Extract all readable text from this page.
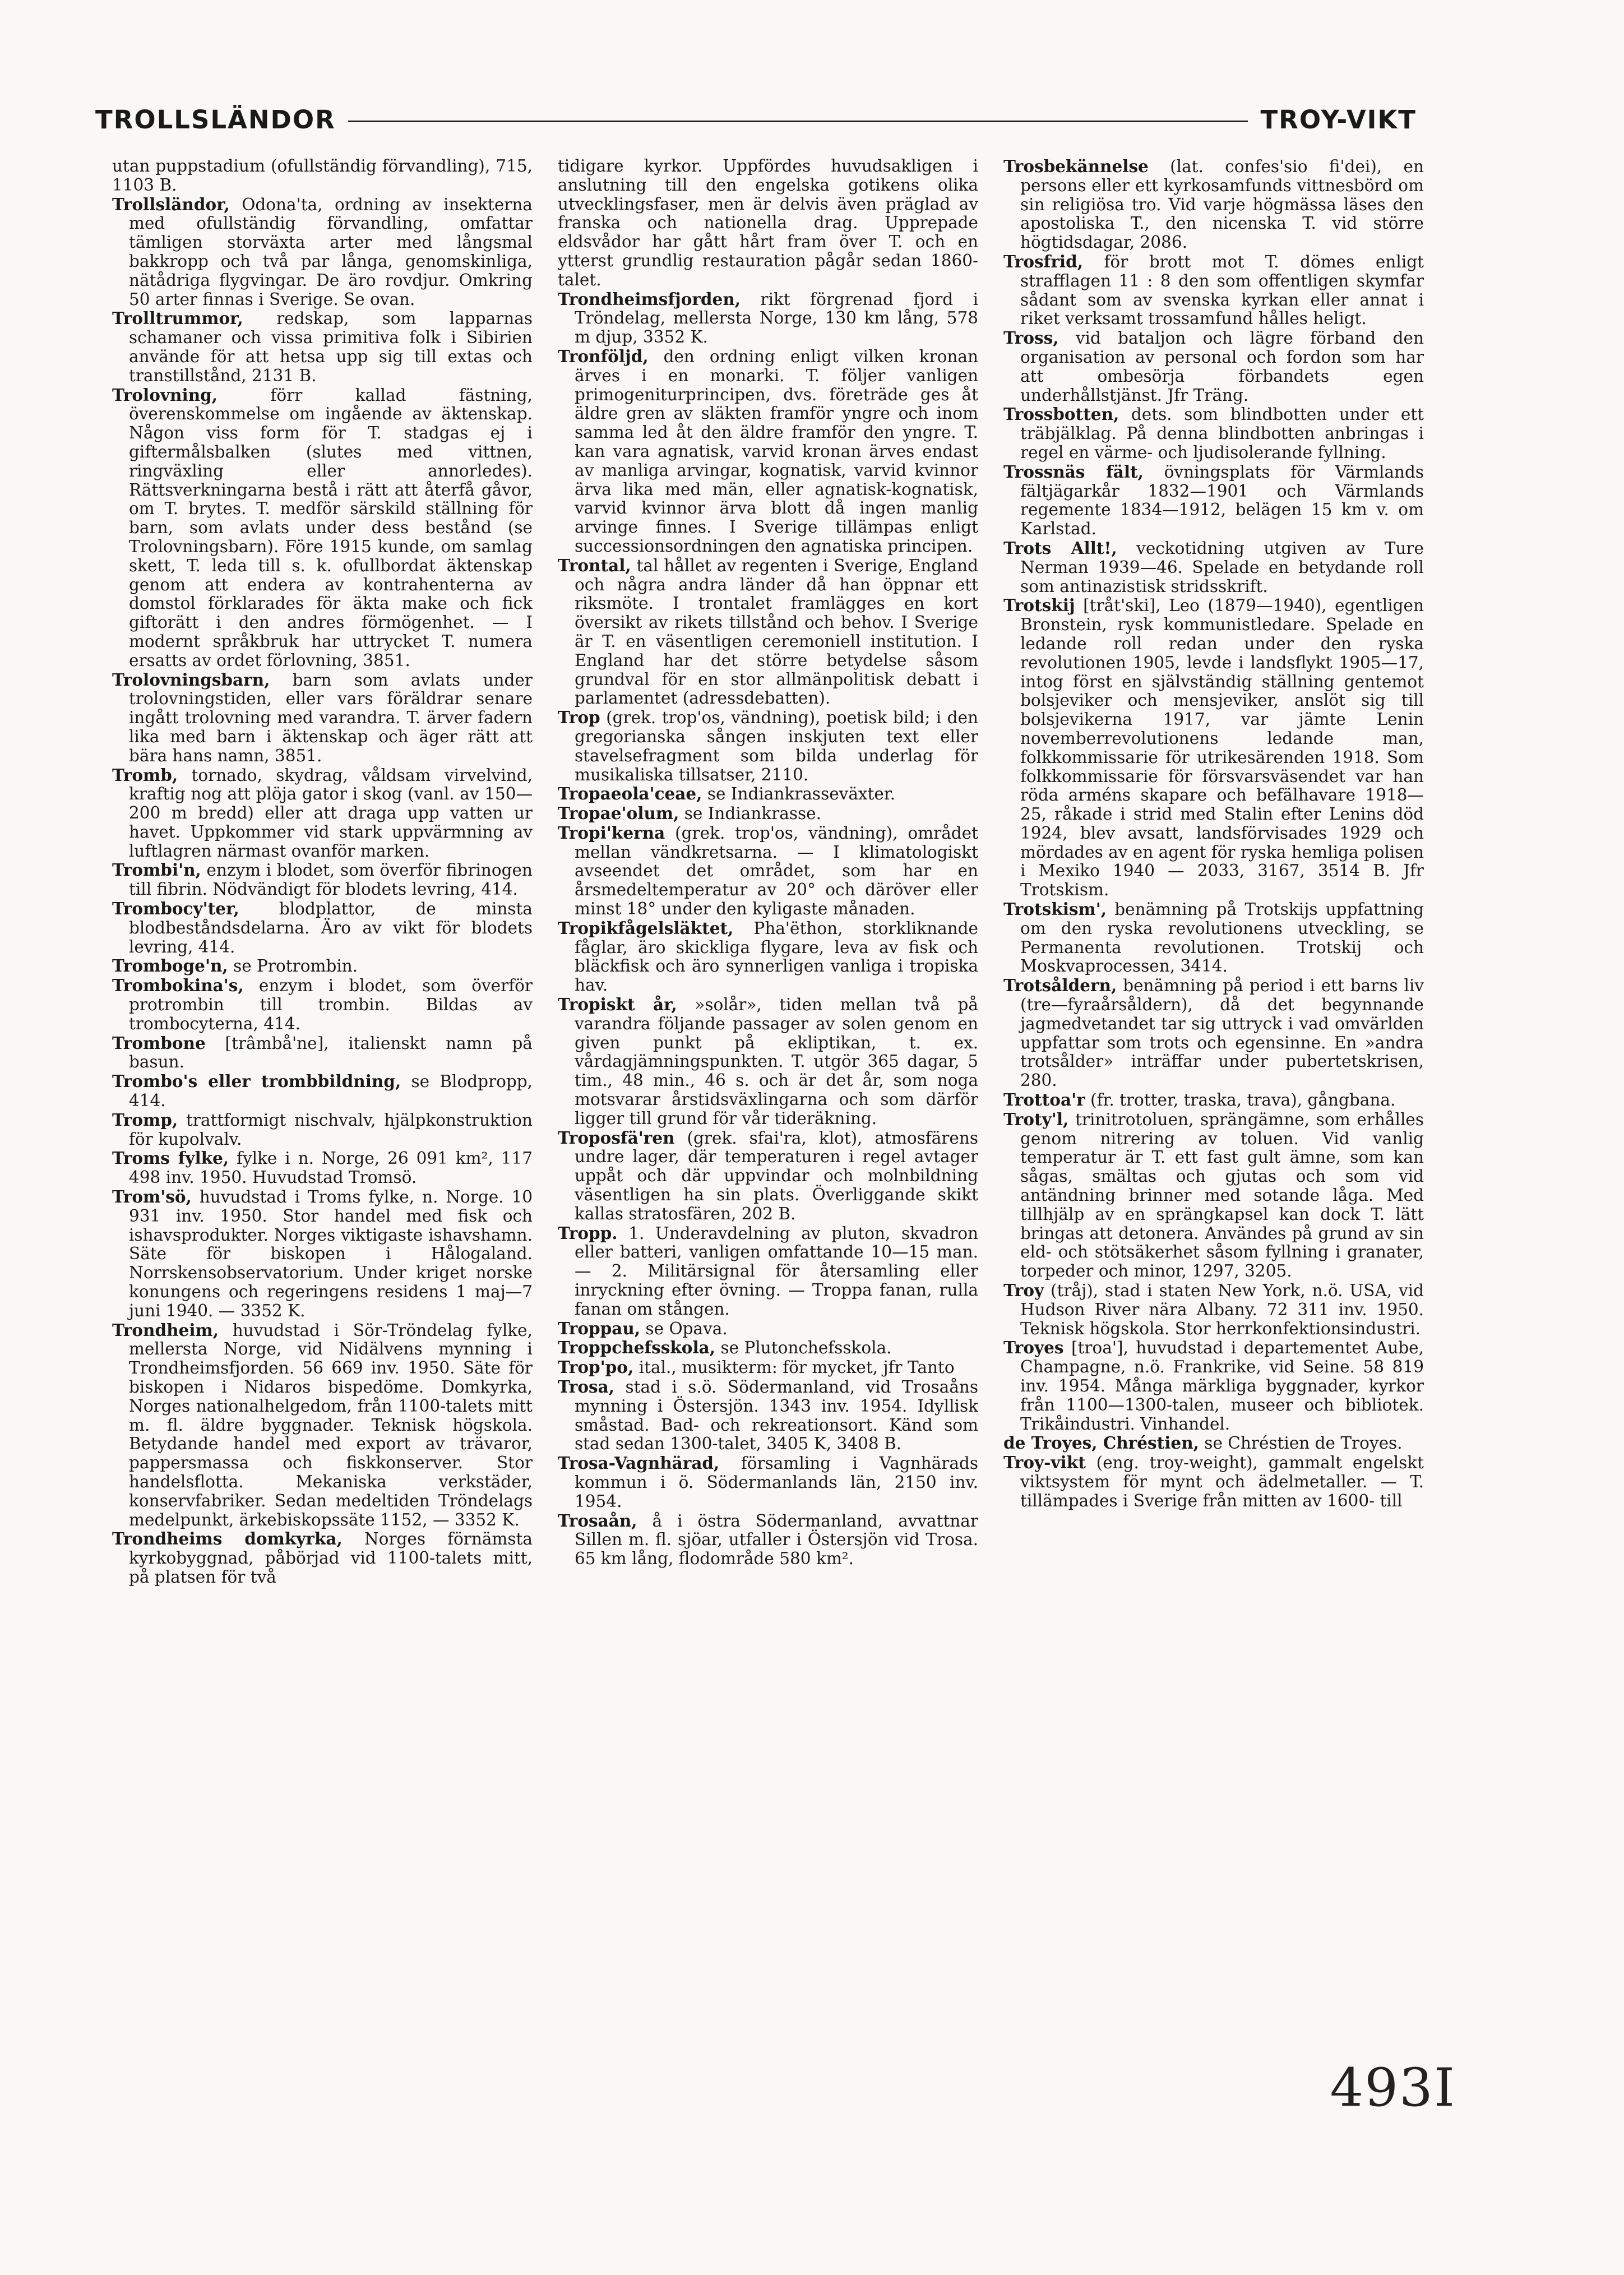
TROLLSLÄNDOR	TROY-VIKT

utan puppstadium (ofullständig förvandling), 715, 1103 B.

Trollsländor, Odona'ta, ordning av insekterna med ofullständig förvandling, omfattar tämligen storväxta arter med långsmal bakkropp och två par långa, genomskinliga, nätådriga flygvingar. De äro rovdjur. Omkring 50 arter finnas i Sverige. Se ovan.

Trolltrummor, redskap, som lapparnas schamaner och vissa primitiva folk i Sibirien använde för att hetsa upp sig till extas och transtillstånd, 2131 B.

Trolovning, förr kallad fästning, överenskommelse om ingående av äktenskap. Någon viss form för T. stadgas ej i giftermålsbalken (slutes med vittnen, ringväxling eller annorledes). Rättsverkningarna bestå i rätt att återfå gåvor, om T. brytes. T. medför särskild ställning för barn, som avlats under dess bestånd (se Trolovningsbarn). Före 1915 kunde, om samlag skett, T. leda till s. k. ofullbordat äktenskap genom att endera av kontrahenterna av domstol förklarades för äkta make och fick giftorätt i den andres förmögenhet. — I modernt språkbruk har uttrycket T. numera ersatts av ordet förlovning, 3851.

Trolovningsbarn, barn som avlats under trolovningstiden, eller vars föräldrar senare ingått trolovning med varandra. T. ärver fadern lika med barn i äktenskap och äger rätt att bära hans namn, 3851.

Tromb, tornado, skydrag, våldsam virvelvind, kraftig nog att plöja gator i skog (vanl. av 150—200 m bredd) eller att draga upp vatten ur havet. Uppkommer vid stark uppvärmning av luftlagren närmast ovanför marken.

Trombi'n, enzym i blodet, som överför fibrinogen till fibrin. Nödvändigt för blodets levring, 414.

Trombocy'ter, blodplattor, de minsta blodbeståndsdelarna. Äro av vikt för blodets levring, 414.

Tromboge'n, se Protrombin.

Trombokina's, enzym i blodet, som överför protrombin till trombin. Bildas av trombocyterna, 414.

Trombone [trâmbå'ne], italienskt namn på basun.

Trombo's eller trombbildning, se Blodpropp, 414.

Tromp, trattformigt nischvalv, hjälpkonstruktion för kupolvalv.

Troms fylke, fylke i n. Norge, 26 091 km², 117 498 inv. 1950. Huvudstad Tromsö.

Trom'sö, huvudstad i Troms fylke, n. Norge. 10 931 inv. 1950. Stor handel med fisk och ishavsprodukter. Norges viktigaste ishavshamn. Säte för biskopen i Hålogaland. Norrskensobservatorium. Under kriget norske konungens och regeringens residens 1 maj—7 juni 1940. — 3352 K.

Trondheim, huvudstad i Sör-Tröndelag fylke, mellersta Norge, vid Nidälvens mynning i Trondheimsfjorden. 56 669 inv. 1950. Säte för biskopen i Nidaros bispedöme. Domkyrka, Norges nationalhelgedom, från 1100-talets mitt m. fl. äldre byggnader. Teknisk högskola. Betydande handel med export av trävaror, pappersmassa och fiskkonserver. Stor handelsflotta. Mekaniska verkstäder, konservfabriker. Sedan medeltiden Tröndelags medelpunkt, ärkebiskopssäte 1152, — 3352 K.

Trondheims domkyrka, Norges förnämsta kyrkobyggnad, påbörjad vid 1100-talets mitt, på platsen för två

tidigare kyrkor. Uppfördes huvudsakligen i anslutning till den engelska gotikens olika utvecklingsfaser, men är delvis även präglad av franska och nationella drag. Upprepade eldsvådor har gått hårt fram över T. och en ytterst grundlig restauration pågår sedan 1860-talet.

Trondheimsfjorden, rikt förgrenad fjord i Tröndelag, mellersta Norge, 130 km lång, 578 m djup, 3352 K.

Tronföljd, den ordning enligt vilken kronan ärves i en monarki. T. följer vanligen primogeniturprincipen, dvs. företräde ges åt äldre gren av släkten framför yngre och inom samma led åt den äldre framför den yngre. T. kan vara agnatisk, varvid kronan ärves endast av manliga arvingar, kognatisk, varvid kvinnor ärva lika med män, eller agnatisk-kognatisk, varvid kvinnor ärva blott då ingen manlig arvinge finnes. I Sverige tillämpas enligt successionsordningen den agnatiska principen.

Trontal, tal hållet av regenten i Sverige, England och några andra länder då han öppnar ett riksmöte. I trontalet framlägges en kort översikt av rikets tillstånd och behov. I Sverige är T. en väsentligen ceremoniell institution. I England har det större betydelse såsom grundval för en stor allmänpolitisk debatt i parlamentet (adressdebatten).

Trop (grek. trop'os, vändning), poetisk bild; i den gregorianska sången inskjuten text eller stavelsefragment som bilda underlag för musikaliska tillsatser, 2110.

Tropaeola'ceae, se Indiankrasseväxter.

Tropae'olum, se Indiankrasse.

Tropi'kerna (grek. trop'os, vändning), området mellan vändkretsarna. — I klimatologiskt avseendet det området, som har en årsmedeltemperatur av 20° och däröver eller minst 18° under den kyligaste månaden.

Tropikfågelsläktet, Pha'ëthon, storkliknande fåglar, äro skickliga flygare, leva av fisk och bläckfisk och äro synnerligen vanliga i tropiska hav.

Tropiskt år, »solår», tiden mellan två på varandra följande passager av solen genom en given punkt på ekliptikan, t. ex. vårdagjämningspunkten. T. utgör 365 dagar, 5 tim., 48 min., 46 s. och är det år, som noga motsvarar årstidsväxlingarna och som därför ligger till grund för vår tideräkning.

Troposfä'ren (grek. sfai'ra, klot), atmosfärens undre lager, där temperaturen i regel avtager uppåt och där uppvindar och molnbildning väsentligen ha sin plats. Överliggande skikt kallas stratosfären, 202 B.

Tropp. 1. Underavdelning av pluton, skvadron eller batteri, vanligen omfattande 10—15 man. — 2. Militärsignal för återsamling eller inryckning efter övning. — Troppa fanan, rulla fanan om stången.

Troppau, se Opava.

Troppchefsskola, se Plutonchefsskola.

Trop'po, ital., musikterm: för mycket, jfr Tanto

Trosa, stad i s.ö. Södermanland, vid Trosaåns mynning i Östersjön. 1343 inv. 1954. Idyllisk småstad. Bad- och rekreationsort. Känd som stad sedan 1300-talet, 3405 K, 3408 B.

Trosa-Vagnhärad, församling i Vagnhärads kommun i ö. Södermanlands län, 2150 inv. 1954.

Trosaån, å i östra Södermanland, avvattnar Sillen m. fl. sjöar, utfaller i Östersjön vid Trosa. 65 km lång, flodområde 580 km².

Trosbekännelse (lat. confes'sio fi'dei), en persons eller ett kyrkosamfunds vittnesbörd om sin religiösa tro. Vid varje högmässa läses den apostoliska T., den nicenska T. vid större högtidsdagar, 2086.

Trosfrid, för brott mot T. dömes enligt strafflagen 11 : 8 den som offentligen skymfar sådant som av svenska kyrkan eller annat i riket verksamt trossamfund hålles heligt.

Tross, vid bataljon och lägre förband den organisation av personal och fordon som har att ombesörja förbandets egen underhållstjänst. Jfr Träng.

Trossbotten, dets. som blindbotten under ett träbjälklag. På denna blindbotten anbringas i regel en värme- och ljudisolerande fyllning.

Trossnäs fält, övningsplats för Värmlands fältjägarkår 1832—1901 och Värmlands regemente 1834—1912, belägen 15 km v. om Karlstad.

Trots Allt!, veckotidning utgiven av Ture Nerman 1939—46. Spelade en betydande roll som antinazistisk stridsskrift.

Trotskij [tråt'ski], Leo (1879—1940), egentligen Bronstein, rysk kommunistledare. Spelade en ledande roll redan under den ryska revolutionen 1905, levde i landsflykt 1905—17, intog först en självständig ställning gentemot bolsjeviker och mensjeviker, anslöt sig till bolsjevikerna 1917, var jämte Lenin novemberrevolutionens ledande man, folkkommissarie för utrikesärenden 1918. Som folkkommissarie för försvarsväsendet var han röda arméns skapare och befälhavare 1918—25, råkade i strid med Stalin efter Lenins död 1924, blev avsatt, landsförvisades 1929 och mördades av en agent för ryska hemliga polisen i Mexiko 1940 — 2033, 3167, 3514 B. Jfr Trotskism.

Trotskism', benämning på Trotskijs uppfattning om den ryska revolutionens utveckling, se Permanenta revolutionen. Trotskij och Moskvaprocessen, 3414.

Trotsåldern, benämning på period i ett barns liv (tre—fyraårsåldern), då det begynnande jagmedvetandet tar sig uttryck i vad omvärlden uppfattar som trots och egensinne. En »andra trotsålder» inträffar under pubertetskrisen, 280.

Trottoa'r (fr. trotter, traska, trava), gångbana.

Troty'l, trinitrotoluen, sprängämne, som erhålles genom nitrering av toluen. Vid vanlig temperatur är T. ett fast gult ämne, som kan sågas, smältas och gjutas och som vid antändning brinner med sotande låga. Med tillhjälp av en sprängkapsel kan dock T. lätt bringas att detonera. Användes på grund av sin eld- och stötsäkerhet såsom fyllning i granater, torpeder och minor, 1297, 3205.

Troy (tråj), stad i staten New York, n.ö. USA, vid Hudson River nära Albany. 72 311 inv. 1950. Teknisk högskola. Stor herrkonfektionsindustri.

Troyes [troa'], huvudstad i departementet Aube, Champagne, n.ö. Frankrike, vid Seine. 58 819 inv. 1954. Många märkliga byggnader, kyrkor från 1100—1300-talen, museer och bibliotek. Trikåindustri. Vinhandel.

de Troyes, Chréstien, se Chréstien de Troyes.

Troy-vikt (eng. troy-weight), gammalt engelskt viktsystem för mynt och ädelmetaller. — T. tillämpades i Sverige från mitten av 1600- till

493I
